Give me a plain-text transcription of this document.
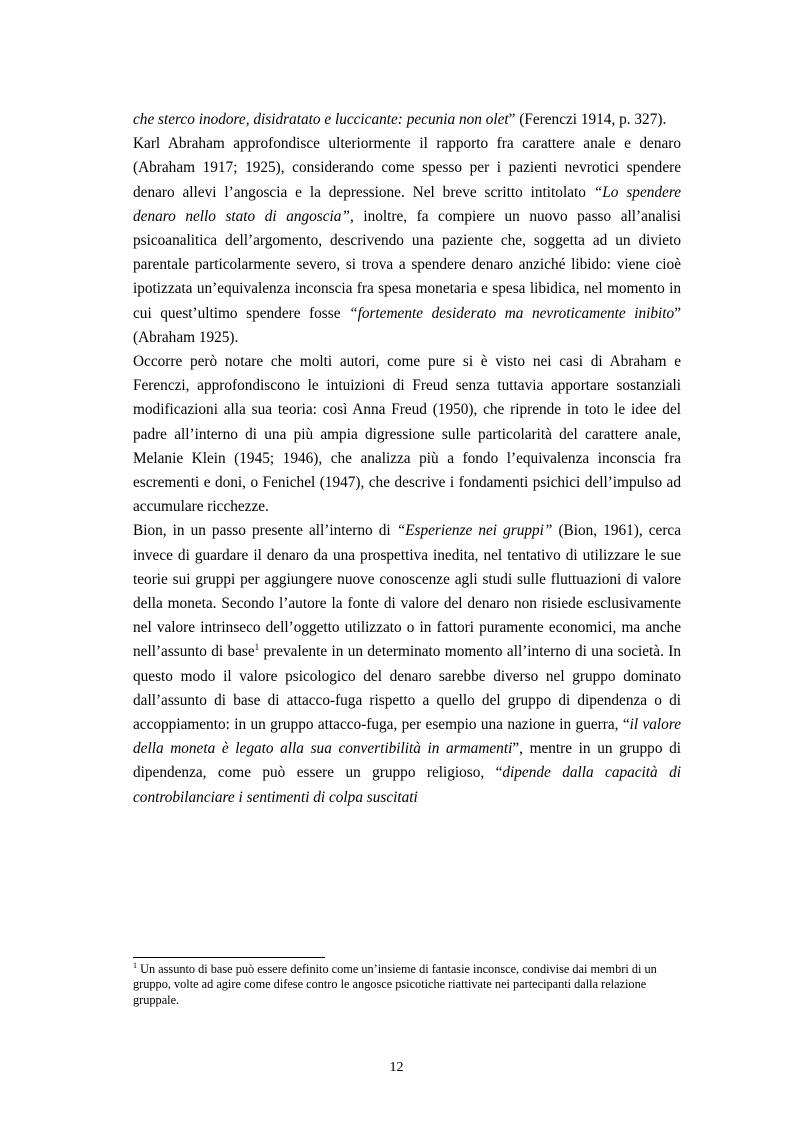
che sterco inodore, disidratato e luccicante: pecunia non olet” (Ferenczi 1914, p. 327).

Karl Abraham approfondisce ulteriormente il rapporto fra carattere anale e denaro (Abraham 1917; 1925), considerando come spesso per i pazienti nevrotici spendere denaro allevi l’angoscia e la depressione. Nel breve scritto intitolato “Lo spendere denaro nello stato di angoscia”, inoltre, fa compiere un nuovo passo all’analisi psicoanalitica dell’argomento, descrivendo una paziente che, soggetta ad un divieto parentale particolarmente severo, si trova a spendere denaro anziché libido: viene cioè ipotizzata un’equivalenza inconscia fra spesa monetaria e spesa libidica, nel momento in cui quest’ultimo spendere fosse “fortemente desiderato ma nevroticamente inibito” (Abraham 1925).

Occorre però notare che molti autori, come pure si è visto nei casi di Abraham e Ferenczi, approfondiscono le intuizioni di Freud senza tuttavia apportare sostanziali modificazioni alla sua teoria: così Anna Freud (1950), che riprende in toto le idee del padre all’interno di una più ampia digressione sulle particolarità del carattere anale, Melanie Klein (1945; 1946), che analizza più a fondo l’equivalenza inconscia fra escrementi e doni, o Fenichel (1947), che descrive i fondamenti psichici dell’impulso ad accumulare ricchezze.

Bion, in un passo presente all’interno di “Esperienze nei gruppi” (Bion, 1961), cerca invece di guardare il denaro da una prospettiva inedita, nel tentativo di utilizzare le sue teorie sui gruppi per aggiungere nuove conoscenze agli studi sulle fluttuazioni di valore della moneta. Secondo l’autore la fonte di valore del denaro non risiede esclusivamente nel valore intrinseco dell’oggetto utilizzato o in fattori puramente economici, ma anche nell’assunto di base$^1$ prevalente in un determinato momento all’interno di una società. In questo modo il valore psicologico del denaro sarebbe diverso nel gruppo dominato dall’assunto di base di attacco-fuga rispetto a quello del gruppo di dipendenza o di accoppiamento: in un gruppo attacco-fuga, per esempio una nazione in guerra, “il valore della moneta è legato alla sua convertibilità in armamenti”, mentre in un gruppo di dipendenza, come può essere un gruppo religioso, “dipende dalla capacità di controbilanciare i sentimenti di colpa suscitati

$^1$ Un assunto di base può essere definito come un’insieme di fantasie inconsce, condivise dai membri di un gruppo, volte ad agire come difese contro le angosce psicotiche riattivate nei partecipanti dalla relazione gruppale.
12
